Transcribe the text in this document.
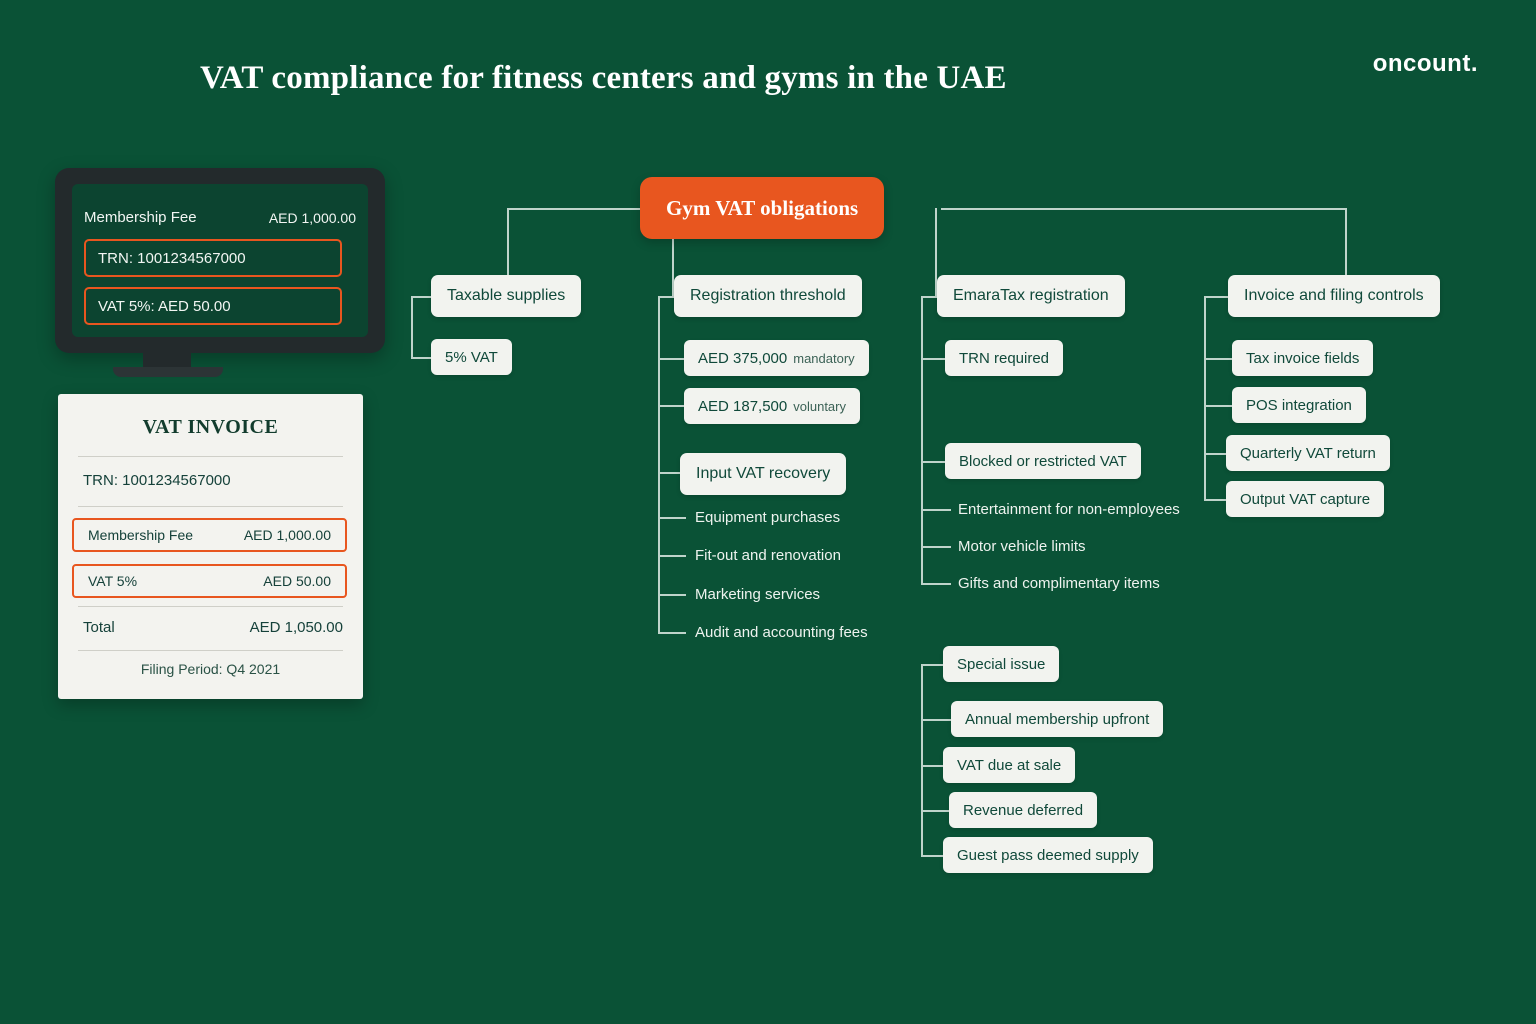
VAT compliance for fitness centers and gyms in the UAE	oncount.
Membership Fee	AED 1,000.00
TRN: 1001234567000
VAT 5%: AED 50.00
VAT INVOICE
TRN: 1001234567000
Total	AED 1,050.00
Filing Period: Q4 2021
Membership Fee	AED 1,000.00
VAT 5%	AED 50.00
Gym VAT obligations
Taxable supplies
5% VAT
Registration threshold
AED 375,000 mandatory
AED 187,500 voluntary
Input VAT recovery
Equipment purchases
Fit-out and renovation
Marketing services
Audit and accounting fees
EmaraTax registration
TRN required
Blocked or restricted VAT
Entertainment for non-employees
Motor vehicle limits
Gifts and complimentary items
Invoice and filing controls
Tax invoice fields
POS integration
Quarterly VAT return
Output VAT capture
Special issue
Annual membership upfront
VAT due at sale
Revenue deferred
Guest pass deemed supply
